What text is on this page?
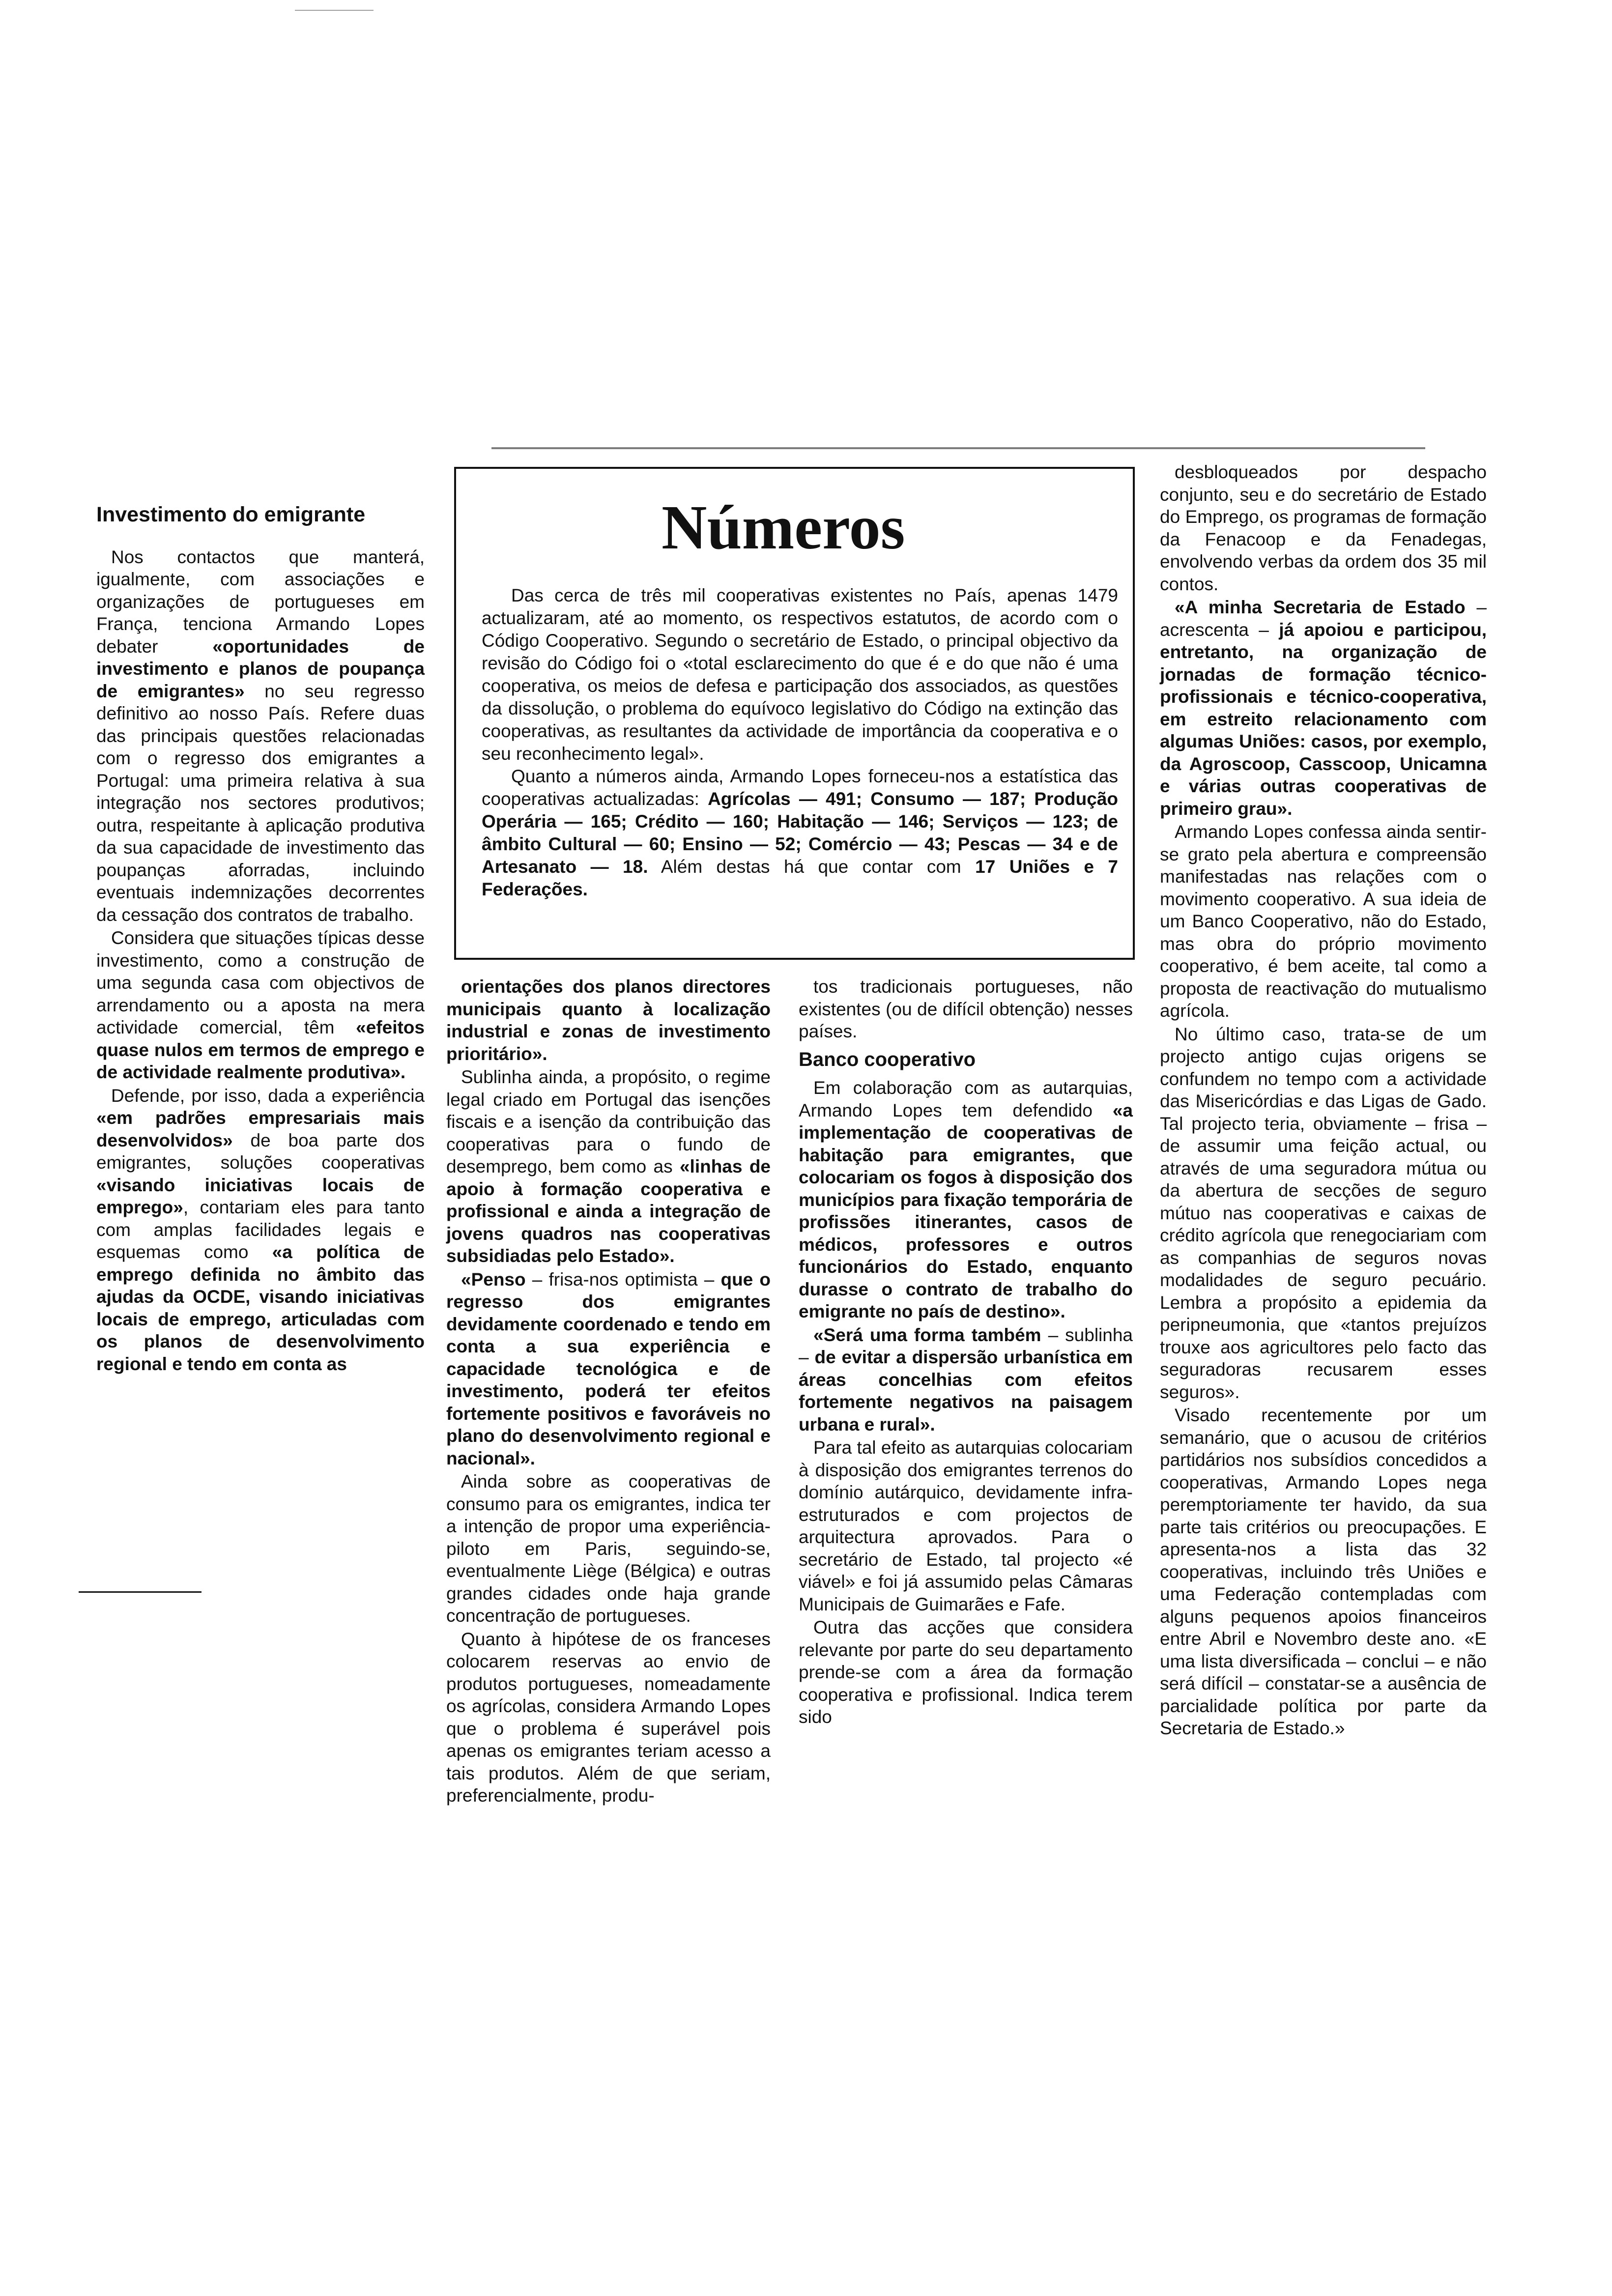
Investimento do emigrante

Nos contactos que manterá, igualmente, com associações e organizações de portugueses em França, tenciona Armando Lopes debater «oportunidades de investimento e planos de poupança de emigrantes» no seu regresso definitivo ao nosso País. Refere duas das principais questões relacionadas com o regresso dos emigrantes a Portugal: uma primeira relativa à sua integração nos sectores produtivos; outra, respeitante à aplicação produtiva da sua capacidade de investimento das poupanças aforradas, incluindo eventuais indemnizações decorrentes da cessação dos contratos de trabalho.

Considera que situações típicas desse investimento, como a construção de uma segunda casa com objectivos de arrendamento ou a aposta na mera actividade comercial, têm «efeitos quase nulos em termos de emprego e de actividade realmente produtiva».

Defende, por isso, dada a experiência «em padrões empresariais mais desenvolvidos» de boa parte dos emigrantes, soluções cooperativas «visando iniciativas locais de emprego», contariam eles para tanto com amplas facilidades legais e esquemas como «a política de emprego definida no âmbito das ajudas da OCDE, visando iniciativas locais de emprego, articuladas com os planos de desenvolvimento regional e tendo em conta as

Números

Das cerca de três mil cooperativas existentes no País, apenas 1479 actualizaram, até ao momento, os respectivos estatutos, de acordo com o Código Cooperativo. Segundo o secretário de Estado, o principal objectivo da revisão do Código foi o «total esclarecimento do que é e do que não é uma cooperativa, os meios de defesa e participação dos associados, as questões da dissolução, o problema do equívoco legislativo do Código na extinção das cooperativas, as resultantes da actividade de importância da cooperativa e o seu reconhecimento legal».

Quanto a números ainda, Armando Lopes forneceu-nos a estatística das cooperativas actualizadas: Agrícolas — 491; Consumo — 187; Produção Operária — 165; Crédito — 160; Habitação — 146; Serviços — 123; de âmbito Cultural — 60; Ensino — 52; Comércio — 43; Pescas — 34 e de Artesanato — 18. Além destas há que contar com 17 Uniões e 7 Federações.

orientações dos planos directores municipais quanto à localização industrial e zonas de investimento prioritário».

Sublinha ainda, a propósito, o regime legal criado em Portugal das isenções fiscais e a isenção da contribuição das cooperativas para o fundo de desemprego, bem como as «linhas de apoio à formação cooperativa e profissional e ainda a integração de jovens quadros nas cooperativas subsidiadas pelo Estado».

«Penso – frisa-nos optimista – que o regresso dos emigrantes devidamente coordenado e tendo em conta a sua experiência e capacidade tecnológica e de investimento, poderá ter efeitos fortemente positivos e favoráveis no plano do desenvolvimento regional e nacional».

Ainda sobre as cooperativas de consumo para os emigrantes, indica ter a intenção de propor uma experiência-piloto em Paris, seguindo-se, eventualmente Liège (Bélgica) e outras grandes cidades onde haja grande concentração de portugueses.

Quanto à hipótese de os franceses colocarem reservas ao envio de produtos portugueses, nomeadamente os agrícolas, considera Armando Lopes que o problema é superável pois apenas os emigrantes teriam acesso a tais produtos. Além de que seriam, preferencialmente, produ-

tos tradicionais portugueses, não existentes (ou de difícil obtenção) nesses países.

Banco cooperativo

Em colaboração com as autarquias, Armando Lopes tem defendido «a implementação de cooperativas de habitação para emigrantes, que colocariam os fogos à disposição dos municípios para fixação temporária de profissões itinerantes, casos de médicos, professores e outros funcionários do Estado, enquanto durasse o contrato de trabalho do emigrante no país de destino».

«Será uma forma também – sublinha – de evitar a dispersão urbanística em áreas concelhias com efeitos fortemente negativos na paisagem urbana e rural».

Para tal efeito as autarquias colocariam à disposição dos emigrantes terrenos do domínio autárquico, devidamente infra-estruturados e com projectos de arquitectura aprovados. Para o secretário de Estado, tal projecto «é viável» e foi já assumido pelas Câmaras Municipais de Guimarães e Fafe.

Outra das acções que considera relevante por parte do seu departamento prende-se com a área da formação cooperativa e profissional. Indica terem sido

desbloqueados por despacho conjunto, seu e do secretário de Estado do Emprego, os programas de formação da Fenacoop e da Fenadegas, envolvendo verbas da ordem dos 35 mil contos.

«A minha Secretaria de Estado – acrescenta – já apoiou e participou, entretanto, na organização de jornadas de formação técnico-profissionais e técnico-cooperativa, em estreito relacionamento com algumas Uniões: casos, por exemplo, da Agroscoop, Casscoop, Unicamna e várias outras cooperativas de primeiro grau».

Armando Lopes confessa ainda sentir-se grato pela abertura e compreensão manifestadas nas relações com o movimento cooperativo. A sua ideia de um Banco Cooperativo, não do Estado, mas obra do próprio movimento cooperativo, é bem aceite, tal como a proposta de reactivação do mutualismo agrícola.

No último caso, trata-se de um projecto antigo cujas origens se confundem no tempo com a actividade das Misericórdias e das Ligas de Gado. Tal projecto teria, obviamente – frisa – de assumir uma feição actual, ou através de uma seguradora mútua ou da abertura de secções de seguro mútuo nas cooperativas e caixas de crédito agrícola que renegociariam com as companhias de seguros novas modalidades de seguro pecuário. Lembra a propósito a epidemia da peripneumonia, que «tantos prejuízos trouxe aos agricultores pelo facto das seguradoras recusarem esses seguros».

Visado recentemente por um semanário, que o acusou de critérios partidários nos subsídios concedidos a cooperativas, Armando Lopes nega peremptoriamente ter havido, da sua parte tais critérios ou preocupações. E apresenta-nos a lista das 32 cooperativas, incluindo três Uniões e uma Federação contempladas com alguns pequenos apoios financeiros entre Abril e Novembro deste ano. «E uma lista diversificada – conclui – e não será difícil – constatar-se a ausência de parcialidade política por parte da Secretaria de Estado.»
